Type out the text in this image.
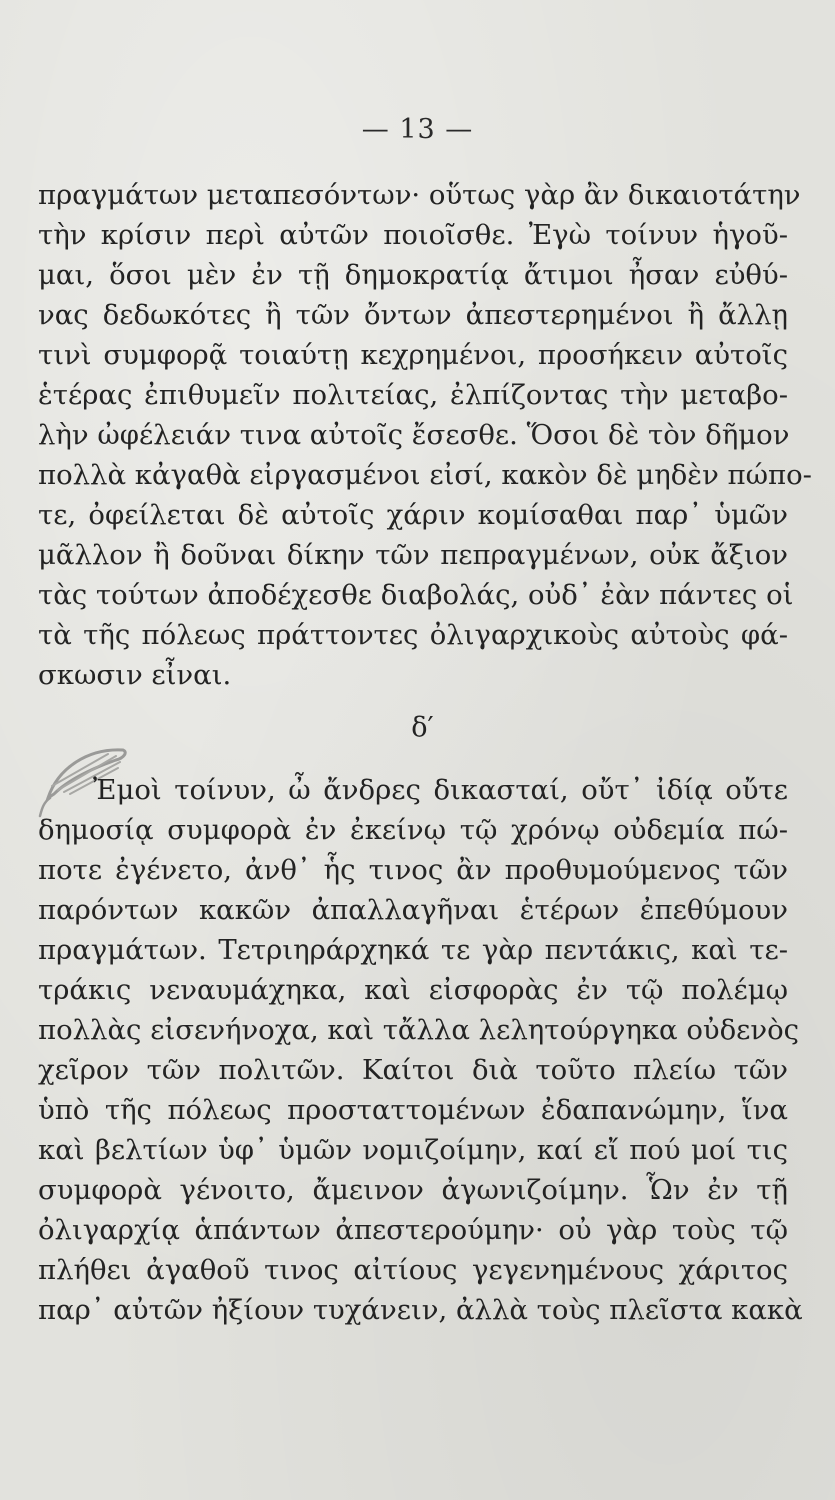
— 13 —
πραγμάτων μεταπεσόντων· οὕτως γὰρ ἂν δικαιοτάτην
τὴν κρίσιν περὶ αὐτῶν ποιοῖσθε. Ἐγὼ τοίνυν ἡγοῦ-
μαι, ὅσοι μὲν ἐν τῇ δημοκρατίᾳ ἄτιμοι ἦσαν εὐθύ-
νας δεδωκότες ἢ τῶν ὄντων ἀπεστερημένοι ἢ ἄλλῃ
τινὶ συμφορᾷ τοιαύτῃ κεχρημένοι, προσήκειν αὐτοῖς
ἑτέρας ἐπιθυμεῖν πολιτείας, ἐλπίζοντας τὴν μεταβο-
λὴν ὠφέλειάν τινα αὐτοῖς ἔσεσθε. Ὅσοι δὲ τὸν δῆμον
πολλὰ κἀγαθὰ εἰργασμένοι εἰσί, κακὸν δὲ μηδὲν πώπο-
τε, ὀφείλεται δὲ αὐτοῖς χάριν κομίσαθαι παρ᾽ ὑμῶν
μᾶλλον ἢ δοῦναι δίκην τῶν πεπραγμένων, οὐκ ἄξιον
τὰς τούτων ἀποδέχεσθε διαβολάς, οὐδ᾽ ἐὰν πάντες οἱ
τὰ τῆς πόλεως πράττοντες ὀλιγαρχικοὺς αὐτοὺς φά-
σκωσιν εἶναι.
δ′
Ἐμοὶ τοίνυν, ὦ ἄνδρες δικασταί, οὔτ᾽ ἰδίᾳ οὔτε
δημοσίᾳ συμφορὰ ἐν ἐκείνῳ τῷ χρόνῳ οὐδεμία πώ-
ποτε ἐγένετο, ἀνθ᾽ ἧς τινος ἂν προθυμούμενος τῶν
παρόντων κακῶν ἀπαλλαγῆναι ἑτέρων ἐπεθύμουν
πραγμάτων. Τετριηράρχηκά τε γὰρ πεντάκις, καὶ τε-
τράκις νεναυμάχηκα, καὶ εἰσφορὰς ἐν τῷ πολέμῳ
πολλὰς εἰσενήνοχα, καὶ τἄλλα λελητούργηκα οὐδενὸς
χεῖρον τῶν πολιτῶν. Καίτοι διὰ τοῦτο πλείω τῶν
ὑπὸ τῆς πόλεως προσταττομένων ἐδαπανώμην, ἵνα
καὶ βελτίων ὑφ᾽ ὑμῶν νομιζοίμην, καί εἴ πού μοί τις
συμφορὰ γένοιτο, ἄμεινον ἀγωνιζοίμην. Ὧν ἐν τῇ
ὀλιγαρχίᾳ ἁπάντων ἀπεστερούμην· οὐ γὰρ τοὺς τῷ
πλήθει ἀγαθοῦ τινος αἰτίους γεγενημένους χάριτος
παρ᾽ αὐτῶν ἠξίουν τυχάνειν, ἀλλὰ τοὺς πλεῖστα κακὰ
